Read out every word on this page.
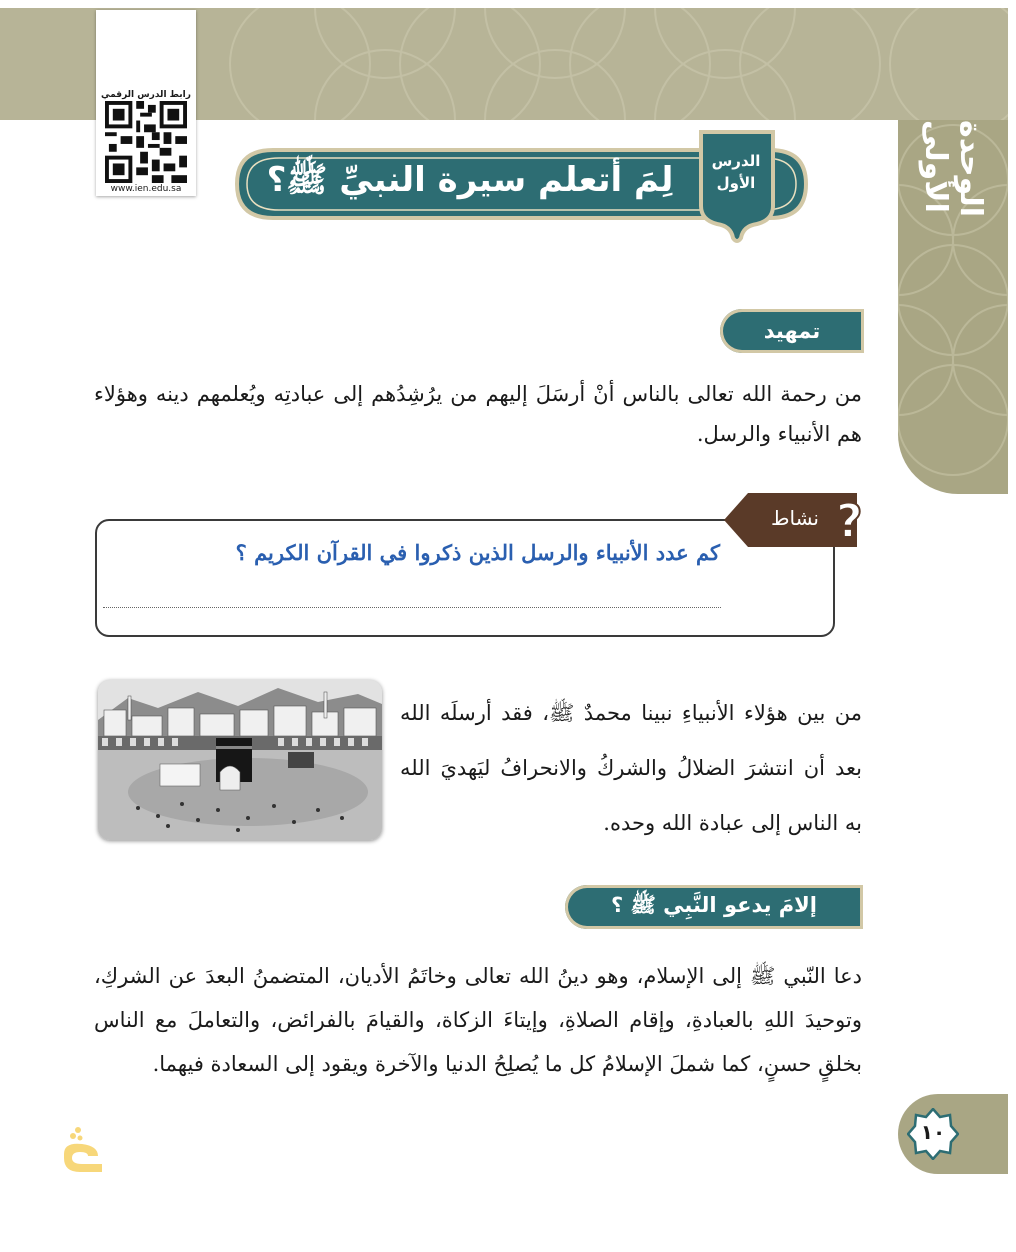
الوحدة الأولى
رابط الدرس الرقمي
www.ien.edu.sa
الدرس الأول
لِمَ أتعلم سيرة النبيِّ ﷺ؟
تمهيد
من رحمة الله تعالى بالناس أنْ أرسَلَ إليهم من يرُشِدُهم إلى عبادتِه ويُعلمهم دينه وهؤلاء هم الأنبياء والرسل.
نشاط ?
كم عدد الأنبياء والرسل الذين ذكروا في القرآن الكريم ؟
من بين هؤلاء الأنبياءِ نبينا محمدٌ ﷺ، فقد أرسلَه الله بعد أن انتشرَ الضلالُ والشركُ والانحرافُ ليَهديَ الله به الناس إلى عبادة الله وحده.
إلامَ يدعو النَّبِي ﷺ ؟
دعا النّبي ﷺ إلى الإسلام، وهو دينُ الله تعالى وخاتَمُ الأديان، المتضمنُ البعدَ عن الشركِ، وتوحيدَ اللهِ بالعبادةِ، وإقام الصلاةِ، وإيتاءَ الزكاة، والقيامَ بالفرائض، والتعاملَ مع الناس بخلقٍ حسنٍ، كما شملَ الإسلامُ كل ما يُصلِحُ الدنيا والآخرة ويقود إلى السعادة فيهما.
١٠
